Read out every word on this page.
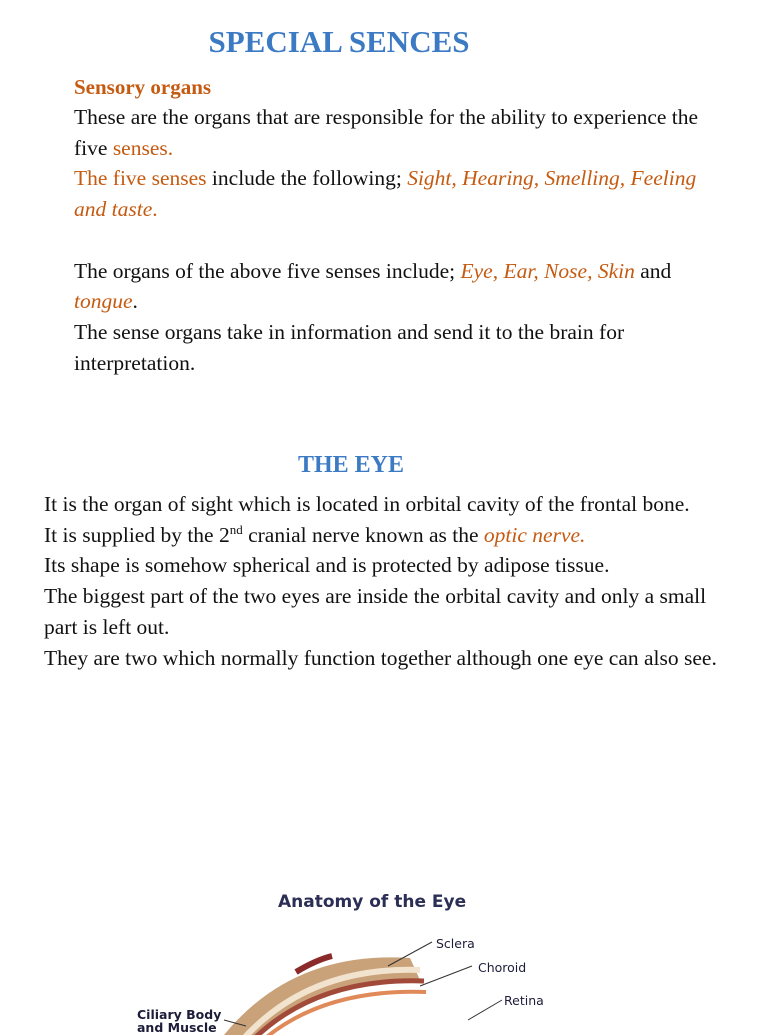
SPECIAL SENCES
Sensory organs

These are the organs that are responsible for the ability to experience the five senses.

The five senses include the following; Sight, Hearing, Smelling, Feeling and taste.

The organs of the above five senses include; Eye, Ear, Nose, Skin and tongue.

The sense organs take in information and send it to the brain for interpretation.

THE EYE

It is the organ of sight which is located in orbital cavity of the frontal bone.

It is supplied by the 2nd cranial nerve known as the optic nerve.

Its shape is somehow spherical and is protected by adipose tissue.

The biggest part of the two eyes are inside the orbital cavity and only a small part is left out.

They are two which normally function together although one eye can also see.

Anatomy of the Eye
Sclera
Choroid
Retina
Ciliary Body
and Muscle
